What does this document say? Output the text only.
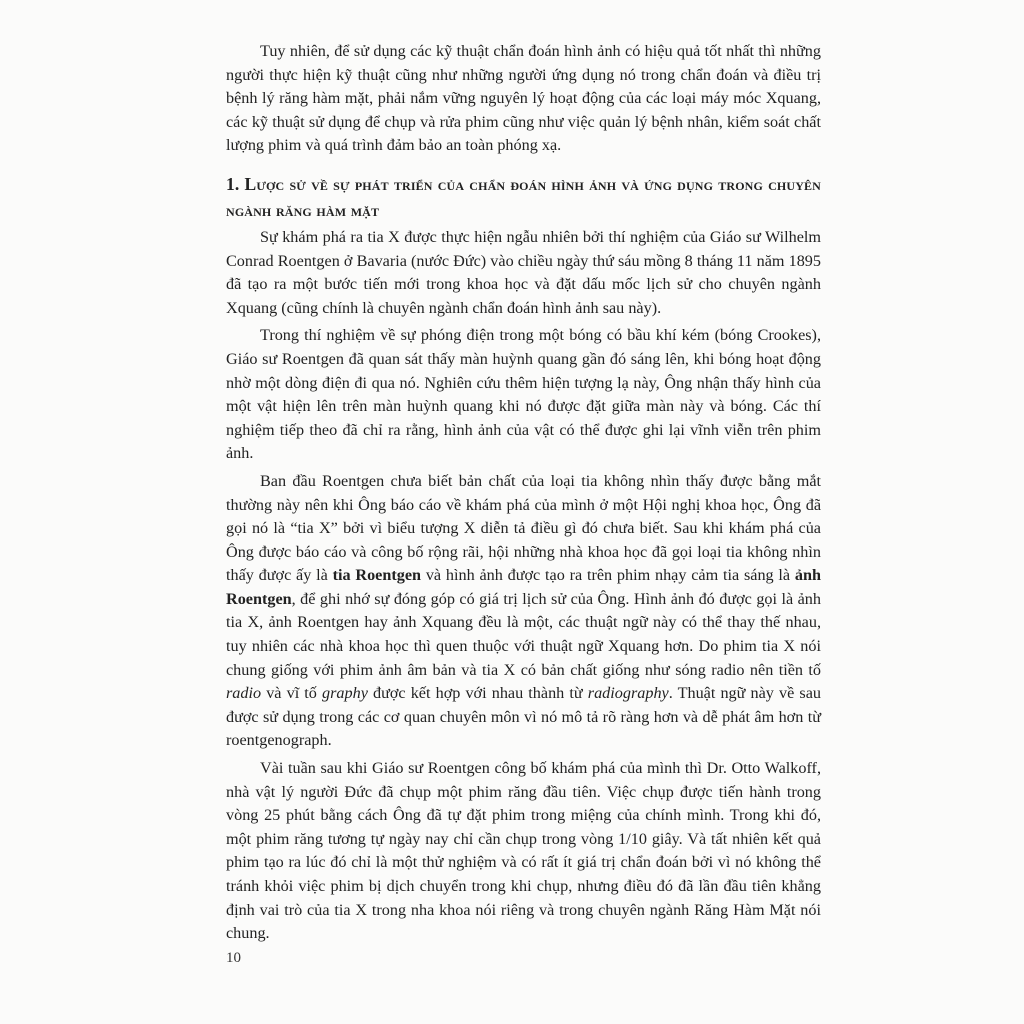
Tuy nhiên, để sử dụng các kỹ thuật chẩn đoán hình ảnh có hiệu quả tốt nhất thì những người thực hiện kỹ thuật cũng như những người ứng dụng nó trong chẩn đoán và điều trị bệnh lý răng hàm mặt, phải nắm vững nguyên lý hoạt động của các loại máy móc Xquang, các kỹ thuật sử dụng để chụp và rửa phim cũng như việc quản lý bệnh nhân, kiểm soát chất lượng phim và quá trình đảm bảo an toàn phóng xạ.

1. Lược sử về sự phát triển của chẩn đoán hình ảnh và ứng dụng trong chuyên ngành răng hàm mặt

Sự khám phá ra tia X được thực hiện ngẫu nhiên bởi thí nghiệm của Giáo sư Wilhelm Conrad Roentgen ở Bavaria (nước Đức) vào chiều ngày thứ sáu mồng 8 tháng 11 năm 1895 đã tạo ra một bước tiến mới trong khoa học và đặt dấu mốc lịch sử cho chuyên ngành Xquang (cũng chính là chuyên ngành chẩn đoán hình ảnh sau này).

Trong thí nghiệm về sự phóng điện trong một bóng có bầu khí kém (bóng Crookes), Giáo sư Roentgen đã quan sát thấy màn huỳnh quang gần đó sáng lên, khi bóng hoạt động nhờ một dòng điện đi qua nó. Nghiên cứu thêm hiện tượng lạ này, Ông nhận thấy hình của một vật hiện lên trên màn huỳnh quang khi nó được đặt giữa màn này và bóng. Các thí nghiệm tiếp theo đã chỉ ra rằng, hình ảnh của vật có thể được ghi lại vĩnh viễn trên phim ảnh.

Ban đầu Roentgen chưa biết bản chất của loại tia không nhìn thấy được bằng mắt thường này nên khi Ông báo cáo về khám phá của mình ở một Hội nghị khoa học, Ông đã gọi nó là “tia X” bởi vì biểu tượng X diễn tả điều gì đó chưa biết. Sau khi khám phá của Ông được báo cáo và công bố rộng rãi, hội những nhà khoa học đã gọi loại tia không nhìn thấy được ấy là tia Roentgen và hình ảnh được tạo ra trên phim nhạy cảm tia sáng là ảnh Roentgen, để ghi nhớ sự đóng góp có giá trị lịch sử của Ông. Hình ảnh đó được gọi là ảnh tia X, ảnh Roentgen hay ảnh Xquang đều là một, các thuật ngữ này có thể thay thế nhau, tuy nhiên các nhà khoa học thì quen thuộc với thuật ngữ Xquang hơn. Do phim tia X nói chung giống với phim ảnh âm bản và tia X có bản chất giống như sóng radio nên tiền tố radio và vĩ tố graphy được kết hợp với nhau thành từ radiography. Thuật ngữ này về sau được sử dụng trong các cơ quan chuyên môn vì nó mô tả rõ ràng hơn và dễ phát âm hơn từ roentgenograph.

Vài tuần sau khi Giáo sư Roentgen công bố khám phá của mình thì Dr. Otto Walkoff, nhà vật lý người Đức đã chụp một phim răng đầu tiên. Việc chụp được tiến hành trong vòng 25 phút bằng cách Ông đã tự đặt phim trong miệng của chính mình. Trong khi đó, một phim răng tương tự ngày nay chỉ cần chụp trong vòng 1/10 giây. Và tất nhiên kết quả phim tạo ra lúc đó chỉ là một thử nghiệm và có rất ít giá trị chẩn đoán bởi vì nó không thể tránh khỏi việc phim bị dịch chuyển trong khi chụp, nhưng điều đó đã lần đầu tiên khẳng định vai trò của tia X trong nha khoa nói riêng và trong chuyên ngành Răng Hàm Mặt nói chung.

10
